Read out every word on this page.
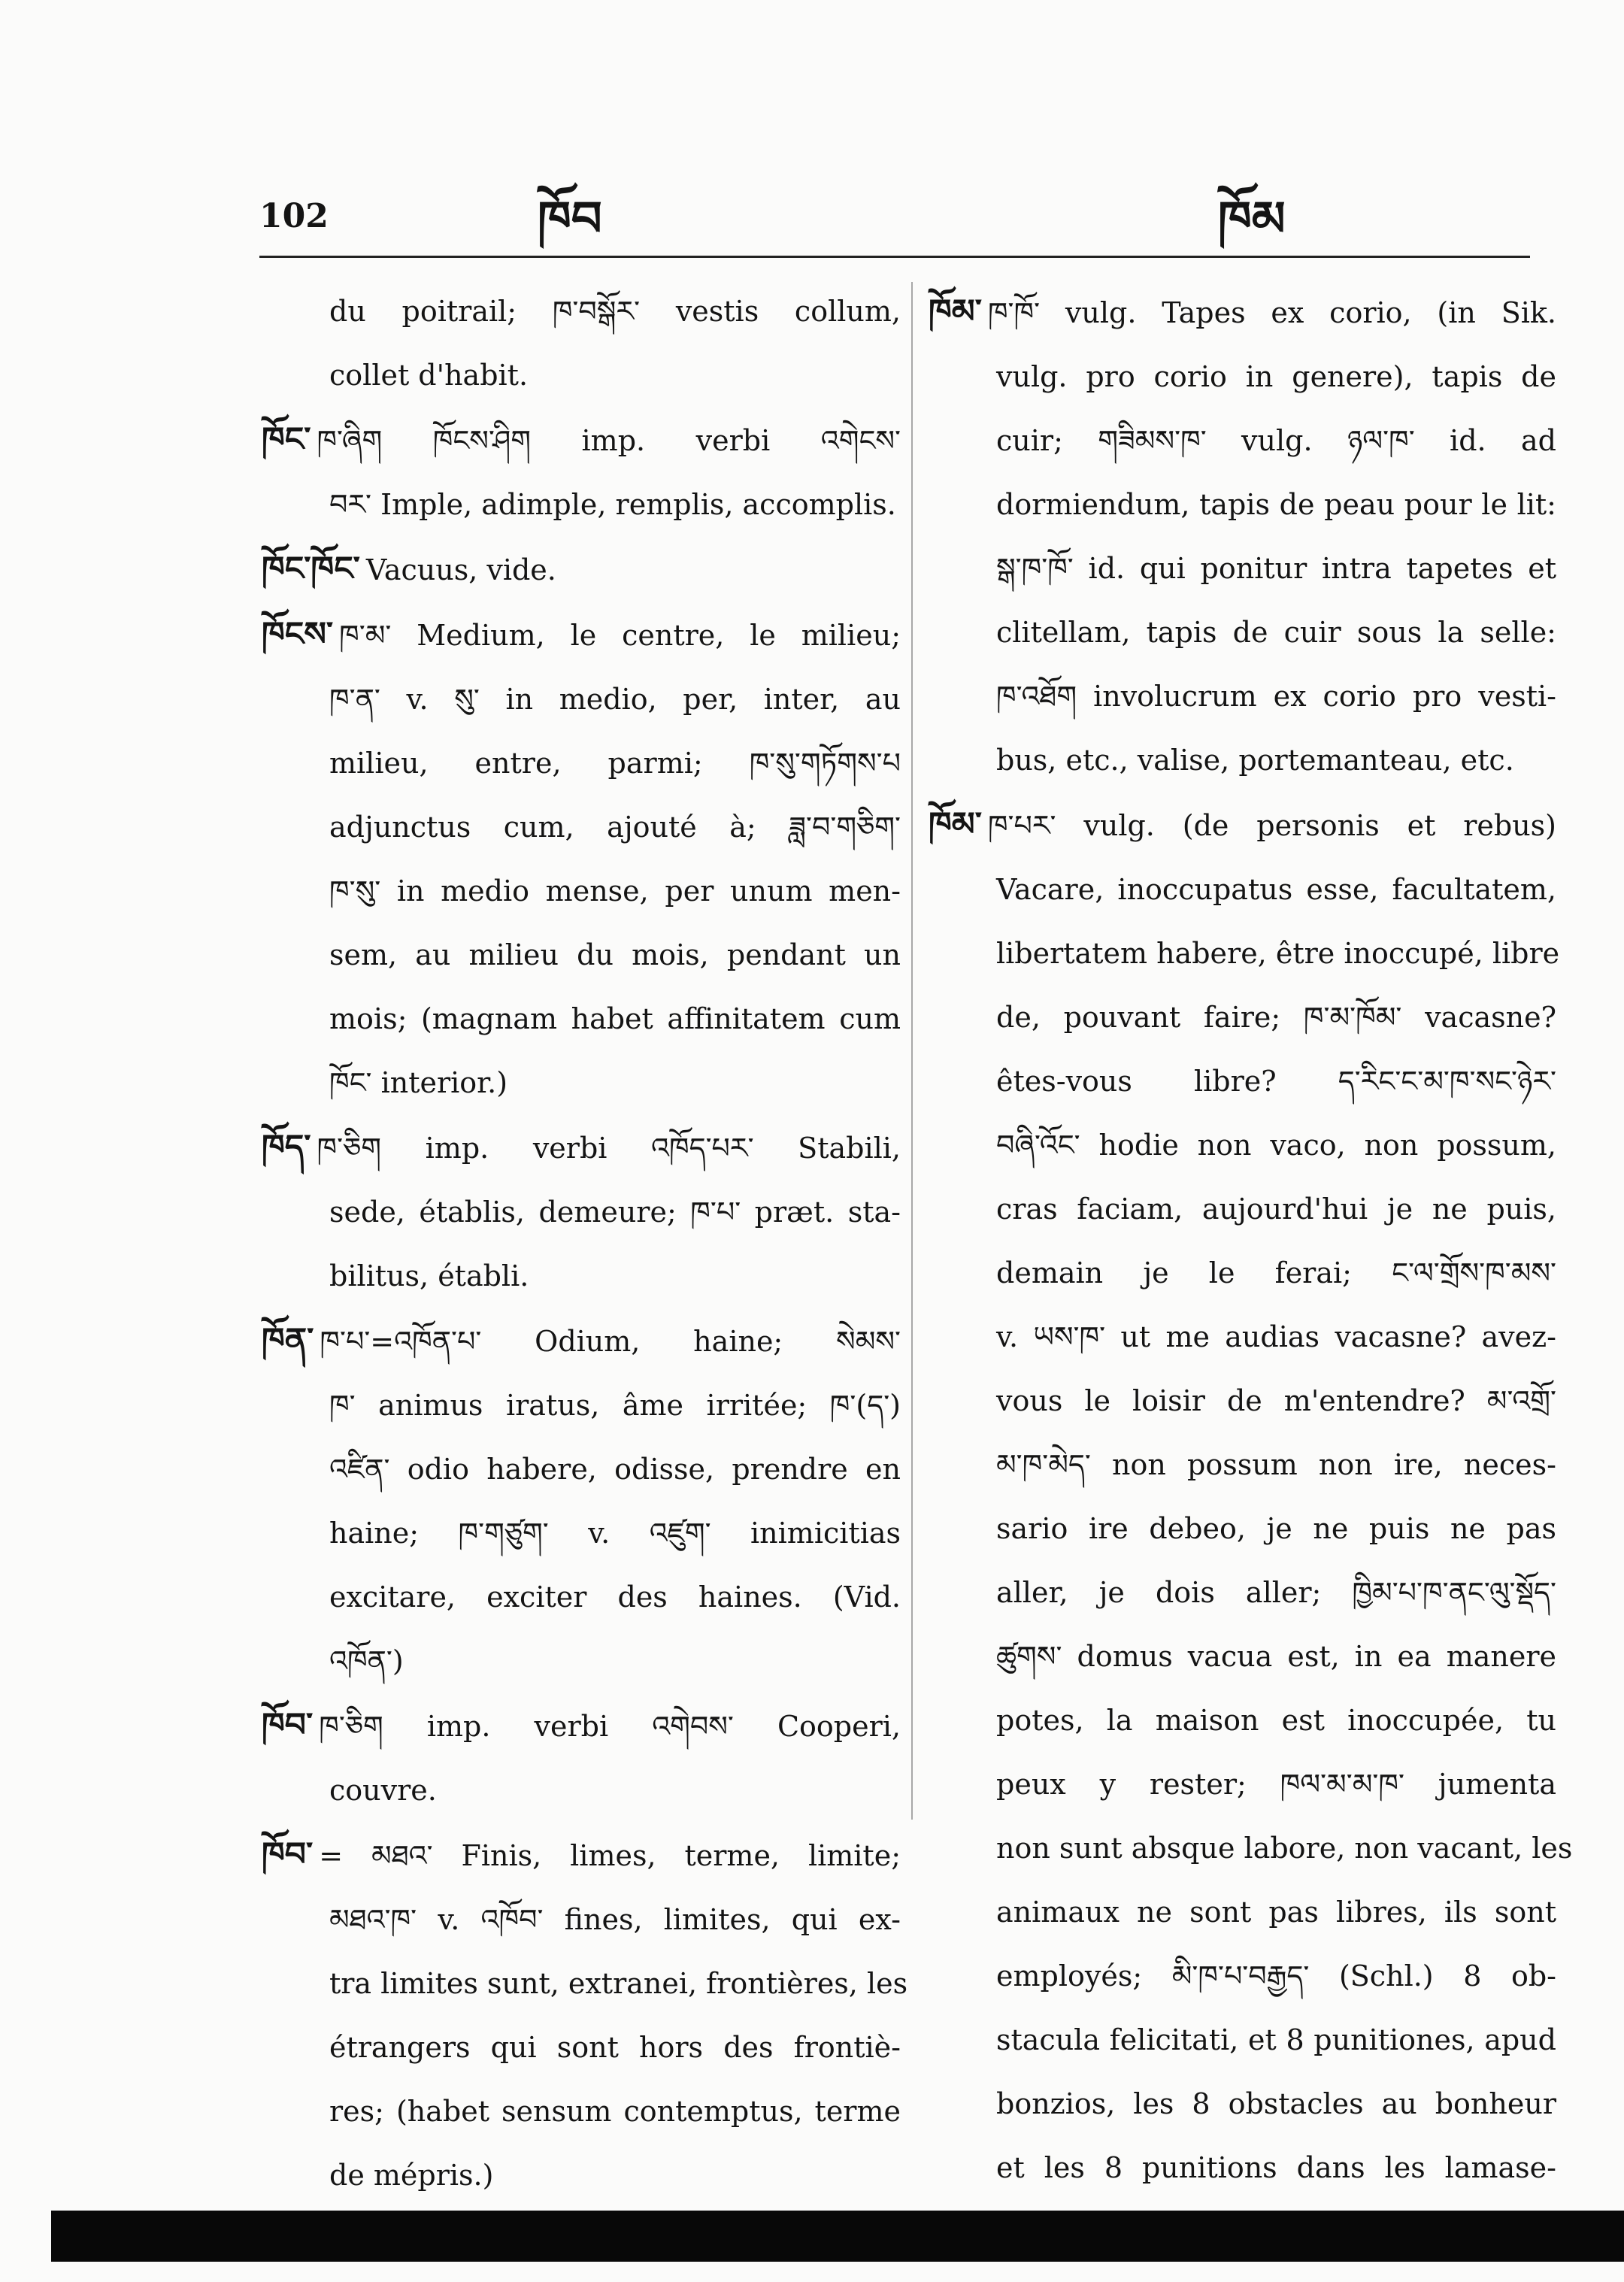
102	ཁོབ	ཁོམ
du poitrail; ཁ་བསྒོར་ vestis collum,
collet d'habit.
ཁོང་ ཁ་ཞིག ཁོངས་ཤིག imp. verbi འགེངས་
བར་ Imple, adimple, remplis, accomplis.
ཁོང་ཁོང་ Vacuus, vide.
ཁོངས་ ཁ་མ་ Medium, le centre, le milieu;
ཁ་ན་ v. སུ་ in medio, per, inter, au
milieu, entre, parmi; ཁ་སུ་གཏོགས་པ
adjunctus cum, ajouté à; ཟླ་བ་གཅིག་
ཁ་སུ་ in medio mense, per unum men-
sem, au milieu du mois, pendant un
mois; (magnam habet affinitatem cum
ཁོང་ interior.)
ཁོད་ ཁ་ཅིག imp. verbi འཁོད་པར་ Stabili,
sede, établis, demeure; ཁ་པ་ præt. sta-
bilitus, établi.
ཁོན་ ཁ་པ་=འཁོན་པ་ Odium, haine; སེམས་
ཁ་ animus iratus, âme irritée; ཁ་(ད་)
འཛིན་ odio habere, odisse, prendre en
haine; ཁ་གཙུག་ v. འཛུག་ inimicitias
excitare, exciter des haines. (Vid.
འཁོན་)
ཁོབ་ ཁ་ཅིག imp. verbi འགེབས་ Cooperi,
couvre.
ཁོབ་ = མཐའ་ Finis, limes, terme, limite;
མཐའ་ཁ་ v. འཁོབ་ fines, limites, qui ex-
tra limites sunt, extranei, frontières, les
étrangers qui sont hors des frontiè-
res; (habet sensum contemptus, terme
de mépris.)
ཁོམ་ ཁ་ཁོ་ vulg. Tapes ex corio, (in Sik.
vulg. pro corio in genere), tapis de
cuir; གཟིམས་ཁ་ vulg. ཉལ་ཁ་ id. ad
dormiendum, tapis de peau pour le lit:
སྒ་ཁ་ཁོ་ id. qui ponitur intra tapetes et
clitellam, tapis de cuir sous la selle:
ཁ་འཐོག involucrum ex corio pro vesti-
bus, etc., valise, portemanteau, etc.
ཁོམ་ ཁ་པར་ vulg. (de personis et rebus)
Vacare, inoccupatus esse, facultatem,
libertatem habere, être inoccupé, libre
de, pouvant faire; ཁ་མ་ཁོམ་ vacasne?
êtes-vous libre? ད་རིང་ང་མ་ཁ་སང་ཉེར་
བཞི་འོང་ hodie non vaco, non possum,
cras faciam, aujourd'hui je ne puis,
demain je le ferai; ང་ལ་གྲོས་ཁ་མས་
v. ཡས་ཁ་ ut me audias vacasne? avez-
vous le loisir de m'entendre? མ་འགྲོ་
མ་ཁ་མེད་ non possum non ire, neces-
sario ire debeo, je ne puis ne pas
aller, je dois aller; ཁྱིམ་པ་ཁ་ནང་ལུ་སྡོད་
ཚུགས་ domus vacua est, in ea manere
potes, la maison est inoccupée, tu
peux y rester; ཁལ་མ་མ་ཁ་ jumenta
non sunt absque labore, non vacant, les
animaux ne sont pas libres, ils sont
employés; མི་ཁ་པ་བརྒྱད་ (Schl.) 8 ob-
stacula felicitati, et 8 punitiones, apud
bonzios, les 8 obstacles au bonheur
et les 8 punitions dans les lamase-
